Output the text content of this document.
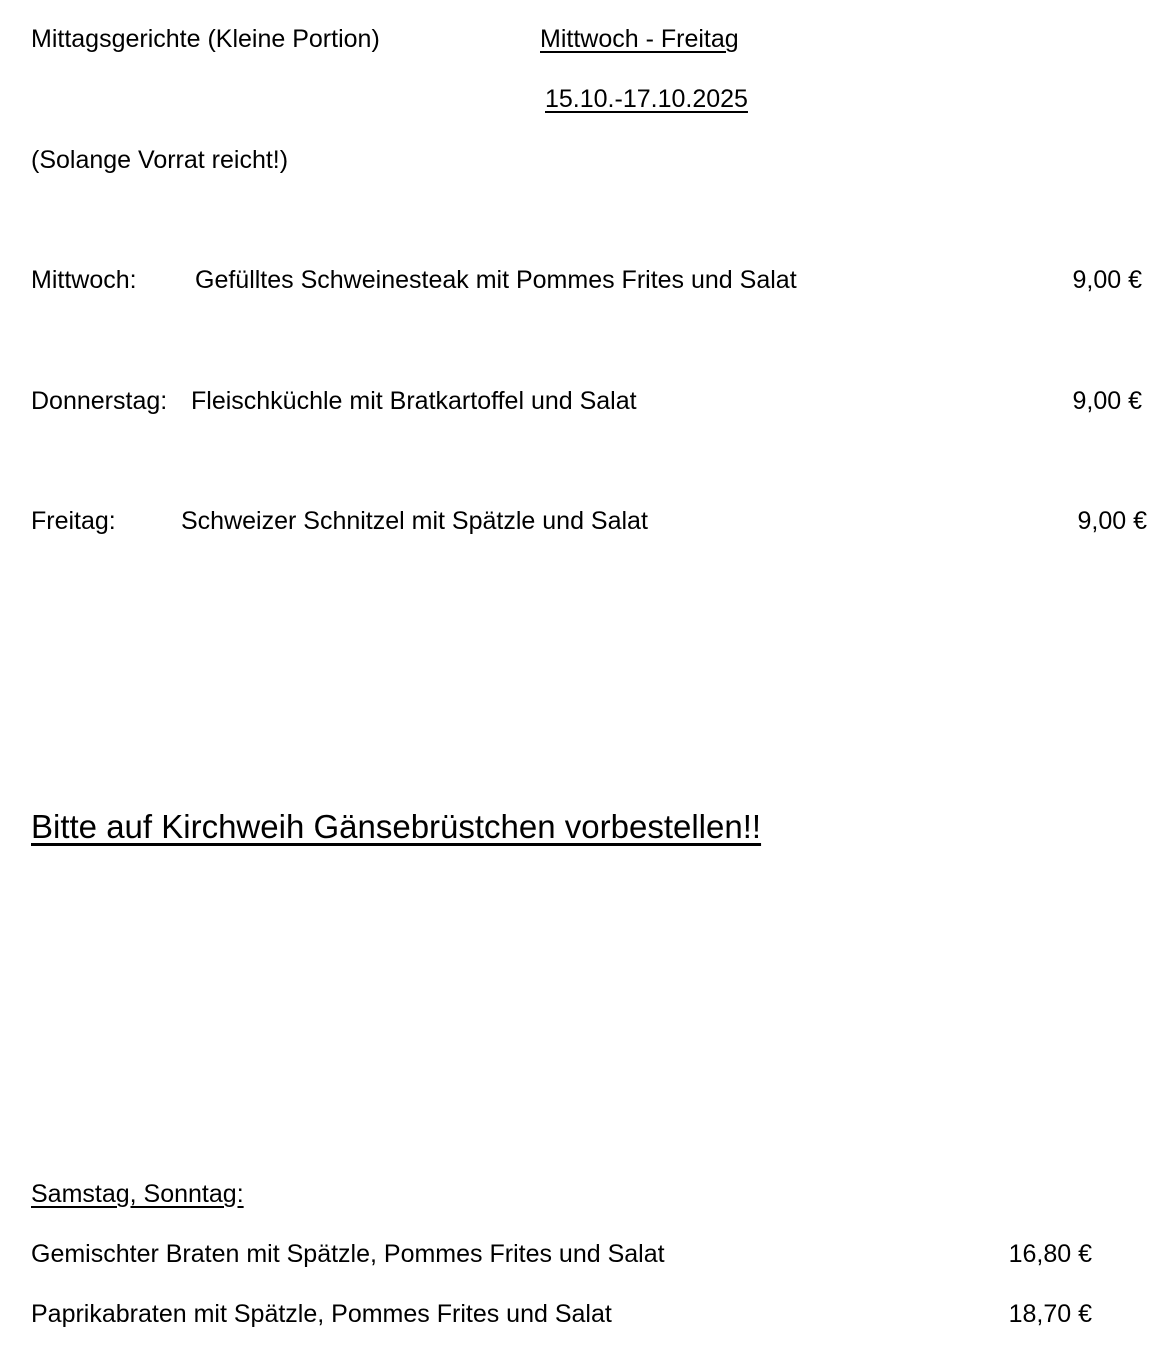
Mittagsgerichte (Kleine Portion)	Mittwoch - Freitag
15.10.-17.10.2025
(Solange Vorrat reicht!)
Mittwoch: Gefülltes Schweinesteak mit Pommes Frites und Salat	9,00 €
Donnerstag: Fleischküchle mit Bratkartoffel und Salat	9,00 €
Freitag:	Schweizer Schnitzel mit Spätzle und Salat	9,00 €
Bitte auf Kirchweih Gänsebrüstchen vorbestellen!!
Samstag, Sonntag:
Gemischter Braten mit Spätzle, Pommes Frites und Salat	16,80 €
Paprikabraten mit Spätzle, Pommes Frites und Salat	18,70 €
